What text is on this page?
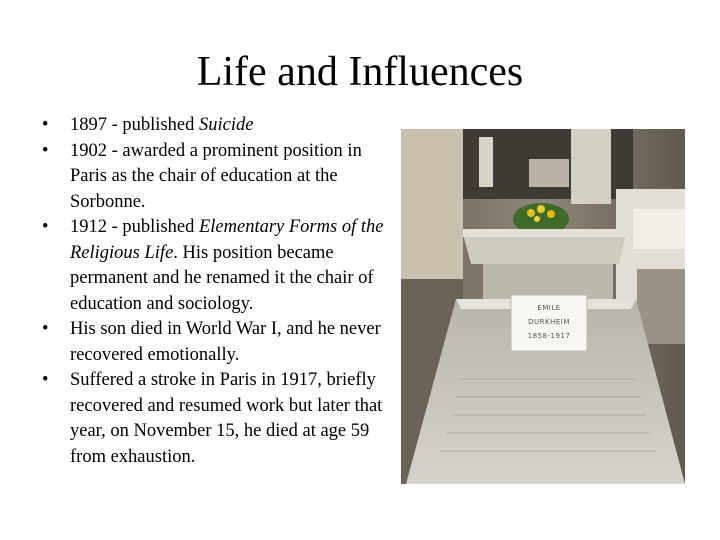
Life and Influences
• 1897 - published Suicide
• 1902 - awarded a prominent position in Paris as the chair of education at the Sorbonne.
• 1912 - published Elementary Forms of the Religious Life. His position became permanent and he renamed it the chair of education and sociology.
• His son died in World War I, and he never recovered emotionally.
• Suffered a stroke in Paris in 1917, briefly recovered and resumed work but later that year, on November 15, he died at age 59 from exhaustion.
EMILE
DURKHEIM
1858-1917
